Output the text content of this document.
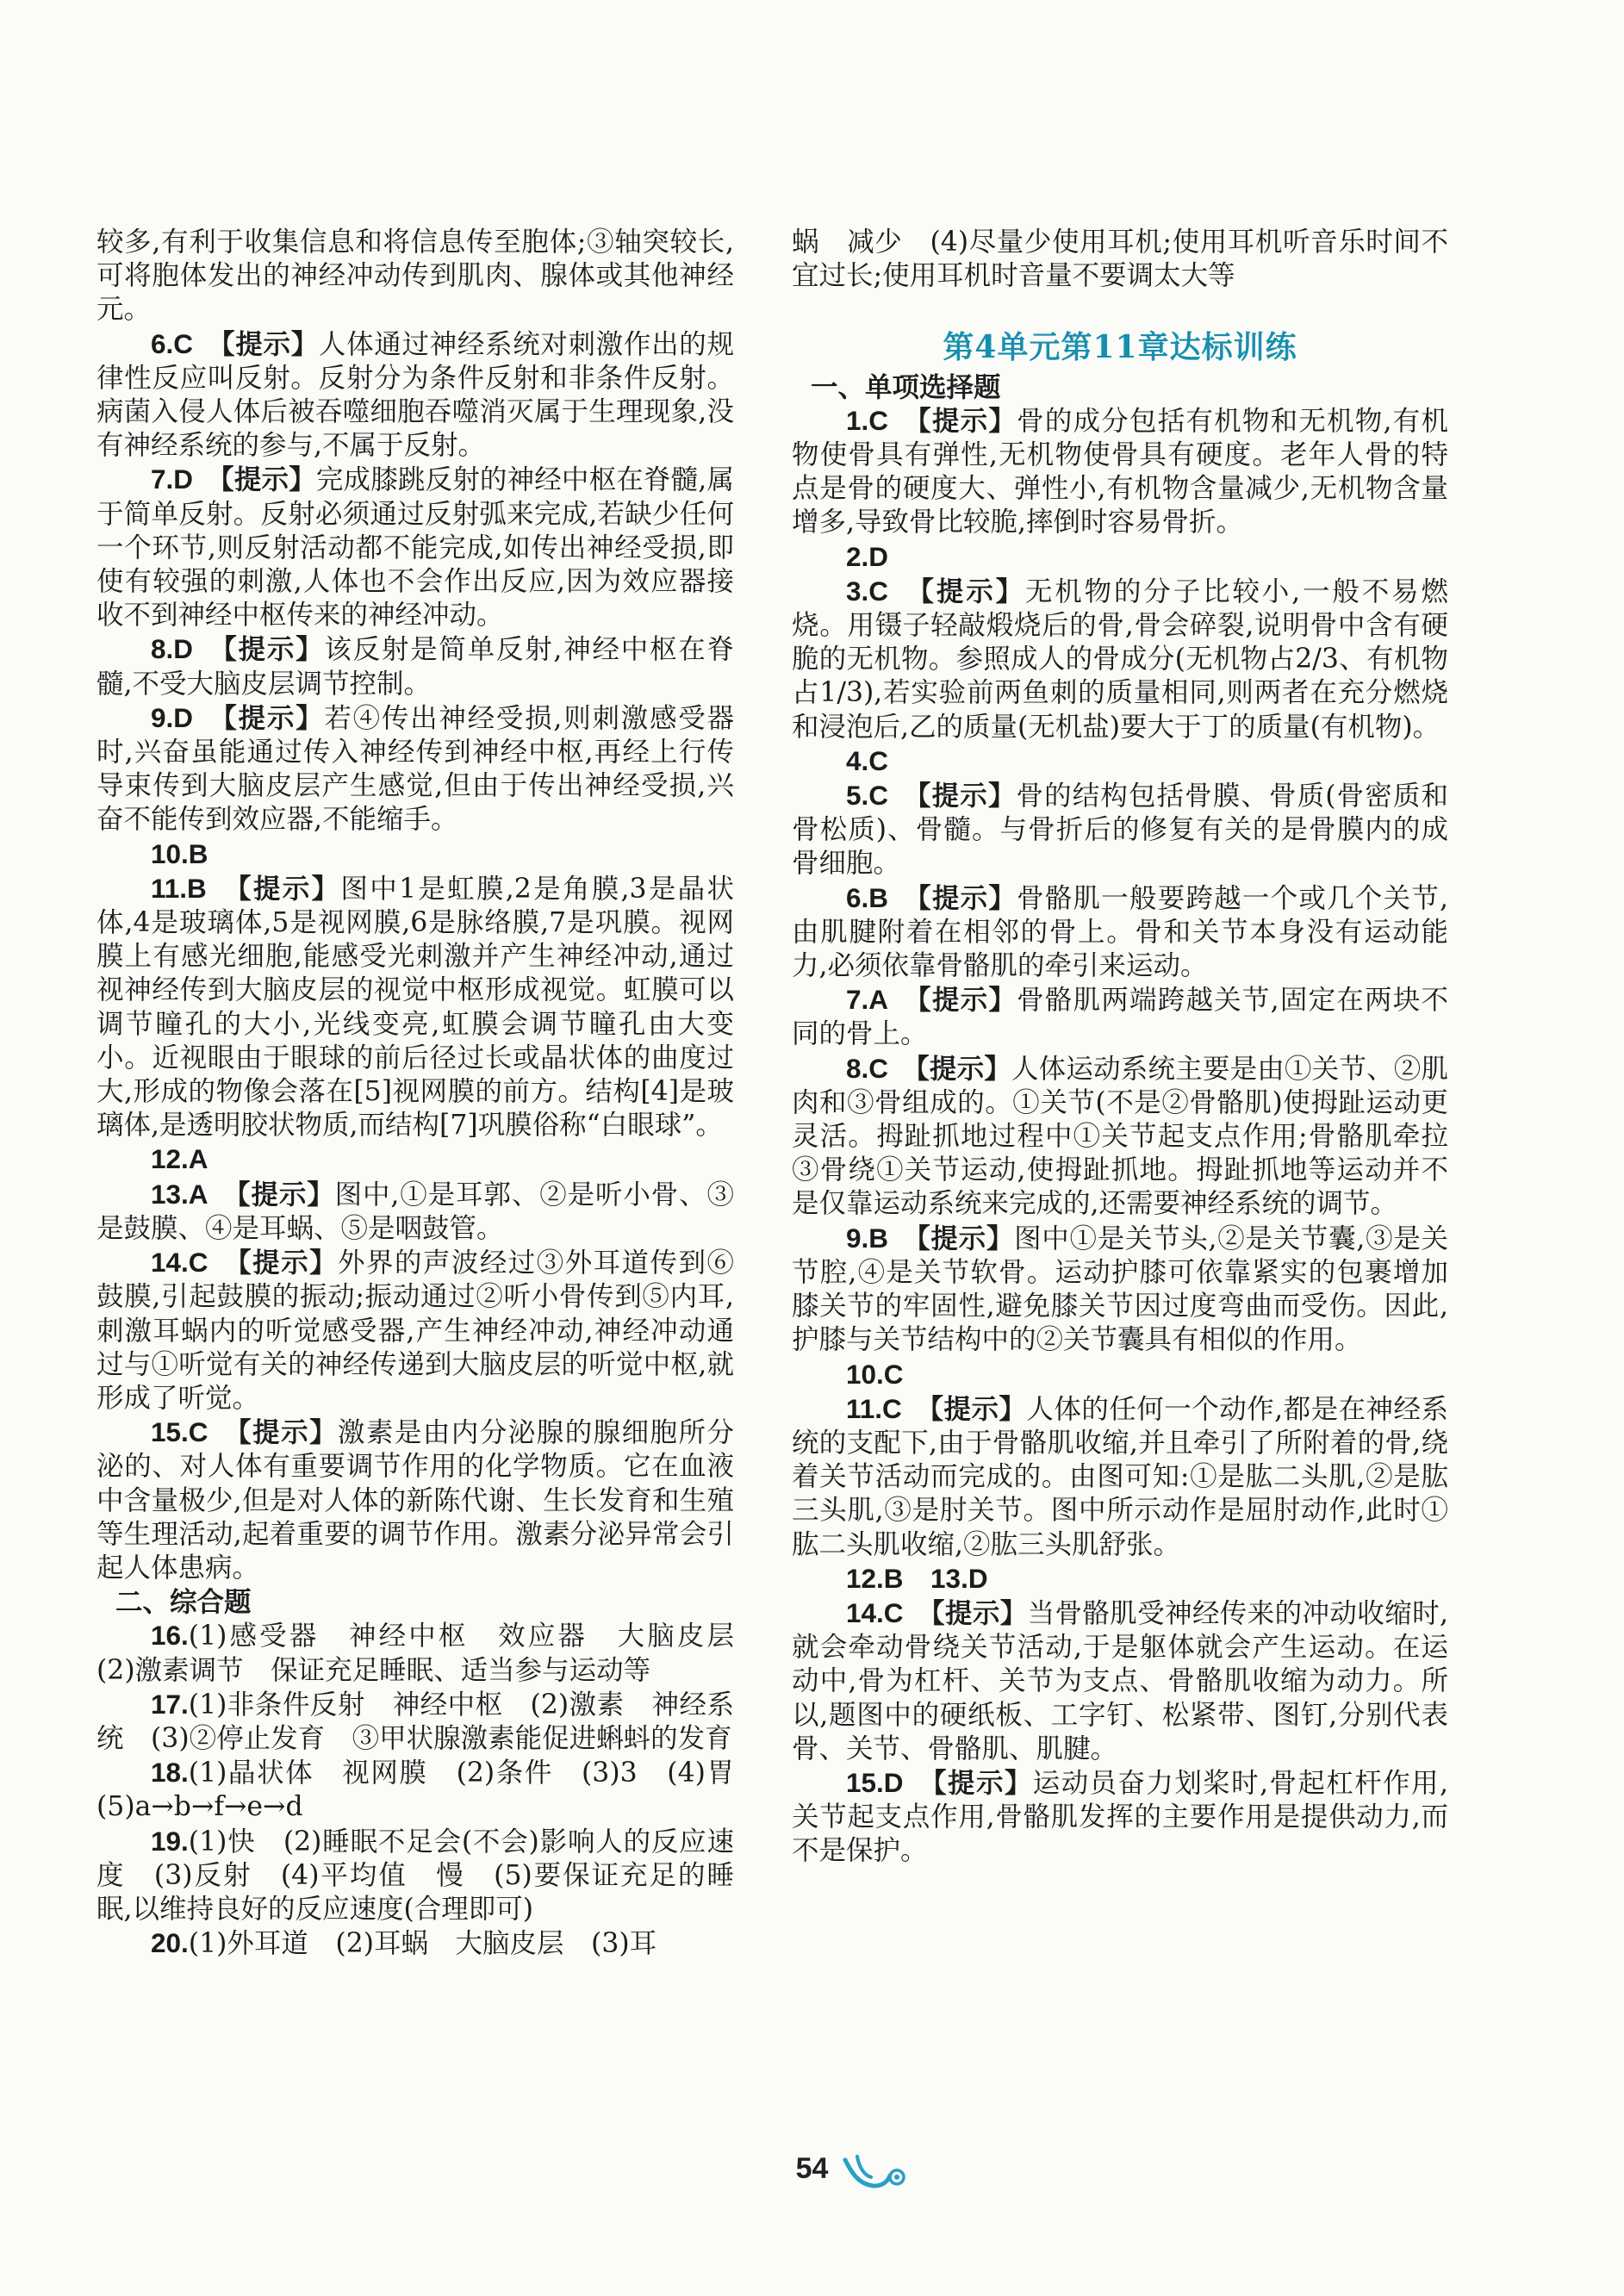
较多,有利于收集信息和将信息传至胞体;③轴突较长,可将胞体发出的神经冲动传到肌肉、腺体或其他神经元。

6.C　 【提示】人体通过神经系统对刺激作出的规律性反应叫反射。反射分为条件反射和非条件反射。病菌入侵人体后被吞噬细胞吞噬消灭属于生理现象,没有神经系统的参与,不属于反射。

7.D　 【提示】完成膝跳反射的神经中枢在脊髓,属于简单反射。反射必须通过反射弧来完成,若缺少任何一个环节,则反射活动都不能完成,如传出神经受损,即使有较强的刺激,人体也不会作出反应,因为效应器接收不到神经中枢传来的神经冲动。

8.D　 【提示】该反射是简单反射,神经中枢在脊髓,不受大脑皮层调节控制。

9.D　 【提示】若④传出神经受损,则刺激感受器时,兴奋虽能通过传入神经传到神经中枢,再经上行传导束传到大脑皮层产生感觉,但由于传出神经受损,兴奋不能传到效应器,不能缩手。

10.B

11.B　 【提示】图中1是虹膜,2是角膜,3是晶状体,4是玻璃体,5是视网膜,6是脉络膜,7是巩膜。视网膜上有感光细胞,能感受光刺激并产生神经冲动,通过视神经传到大脑皮层的视觉中枢形成视觉。虹膜可以调节瞳孔的大小,光线变亮,虹膜会调节瞳孔由大变小。近视眼由于眼球的前后径过长或晶状体的曲度过大,形成的物像会落在[5]视网膜的前方。结构[4]是玻璃体,是透明胶状物质,而结构[7]巩膜俗称“白眼球”。

12.A

13.A　 【提示】图中,①是耳郭、②是听小骨、③是鼓膜、④是耳蜗、⑤是咽鼓管。

14.C　 【提示】外界的声波经过③外耳道传到⑥鼓膜,引起鼓膜的振动;振动通过②听小骨传到⑤内耳,刺激耳蜗内的听觉感受器,产生神经冲动,神经冲动通过与①听觉有关的神经传递到大脑皮层的听觉中枢,就形成了听觉。

15.C　 【提示】激素是由内分泌腺的腺细胞所分泌的、对人体有重要调节作用的化学物质。它在血液中含量极少,但是对人体的新陈代谢、生长发育和生殖等生理活动,起着重要的调节作用。激素分泌异常会引起人体患病。

二、综合题

16.(1)感受器　神经中枢　效应器　大脑皮层　(2)激素调节　保证充足睡眠、适当参与运动等

17.(1)非条件反射　神经中枢　(2)激素　神经系统　(3)②停止发育　③甲状腺激素能促进蝌蚪的发育

18.(1)晶状体　视网膜　(2)条件　(3)3　(4)胃　(5)a→b→f→e→d

19.(1)快　(2)睡眠不足会(不会)影响人的反应速度　(3)反射　(4)平均值　慢　(5)要保证充足的睡眠,以维持良好的反应速度(合理即可)

20.(1)外耳道　(2)耳蜗　大脑皮层　(3)耳

蜗　减少　(4)尽量少使用耳机;使用耳机听音乐时间不宜过长;使用耳机时音量不要调太大等

第4单元第11章达标训练

一、单项选择题

1.C　 【提示】骨的成分包括有机物和无机物,有机物使骨具有弹性,无机物使骨具有硬度。老年人骨的特点是骨的硬度大、弹性小,有机物含量减少,无机物含量增多,导致骨比较脆,摔倒时容易骨折。

2.D

3.C　 【提示】无机物的分子比较小,一般不易燃烧。用镊子轻敲煅烧后的骨,骨会碎裂,说明骨中含有硬脆的无机物。参照成人的骨成分(无机物占2/3、有机物占1/3),若实验前两鱼刺的质量相同,则两者在充分燃烧和浸泡后,乙的质量(无机盐)要大于丁的质量(有机物)。

4.C

5.C　 【提示】骨的结构包括骨膜、骨质(骨密质和骨松质)、骨髓。与骨折后的修复有关的是骨膜内的成骨细胞。

6.B　 【提示】骨骼肌一般要跨越一个或几个关节,由肌腱附着在相邻的骨上。骨和关节本身没有运动能力,必须依靠骨骼肌的牵引来运动。

7.A　 【提示】骨骼肌两端跨越关节,固定在两块不同的骨上。

8.C　 【提示】人体运动系统主要是由①关节、②肌肉和③骨组成的。①关节(不是②骨骼肌)使拇趾运动更灵活。拇趾抓地过程中①关节起支点作用;骨骼肌牵拉③骨绕①关节运动,使拇趾抓地。拇趾抓地等运动并不是仅靠运动系统来完成的,还需要神经系统的调节。

9.B　 【提示】图中①是关节头,②是关节囊,③是关节腔,④是关节软骨。运动护膝可依靠紧实的包裹增加膝关节的牢固性,避免膝关节因过度弯曲而受伤。因此,护膝与关节结构中的②关节囊具有相似的作用。

10.C

11.C　 【提示】人体的任何一个动作,都是在神经系统的支配下,由于骨骼肌收缩,并且牵引了所附着的骨,绕着关节活动而完成的。由图可知:①是肱二头肌,②是肱三头肌,③是肘关节。图中所示动作是屈肘动作,此时①肱二头肌收缩,②肱三头肌舒张。

12.B　13.D

14.C　 【提示】当骨骼肌受神经传来的冲动收缩时,就会牵动骨绕关节活动,于是躯体就会产生运动。在运动中,骨为杠杆、关节为支点、骨骼肌收缩为动力。所以,题图中的硬纸板、工字钉、松紧带、图钉,分别代表骨、关节、骨骼肌、肌腱。

15.D　 【提示】运动员奋力划桨时,骨起杠杆作用,关节起支点作用,骨骼肌发挥的主要作用是提供动力,而不是保护。

54
